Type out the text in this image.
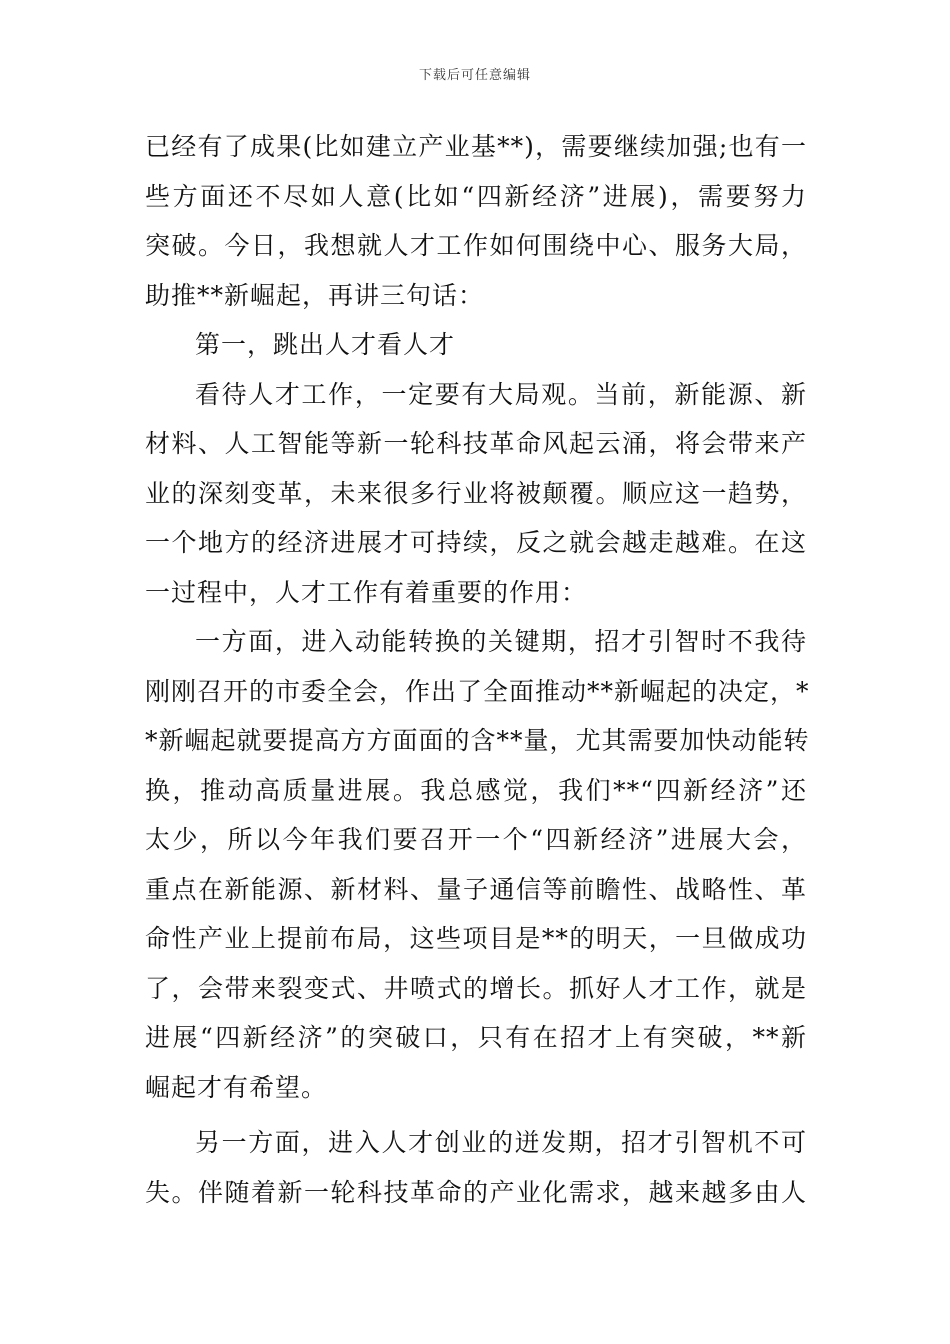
下载后可任意编辑
已经有了成果(比如建立产业基**)，需要继续加强;也有一
些方面还不尽如人意(比如“四新经济”进展)，需要努力
突破。今日，我想就人才工作如何围绕中心、服务大局，
助推**新崛起，再讲三句话：
第一，跳出人才看人才
看待人才工作，一定要有大局观。当前，新能源、新
材料、人工智能等新一轮科技革命风起云涌，将会带来产
业的深刻变革，未来很多行业将被颠覆。顺应这一趋势，
一个地方的经济进展才可持续，反之就会越走越难。在这
一过程中，人才工作有着重要的作用：
一方面，进入动能转换的关键期，招才引智时不我待
刚刚召开的市委全会，作出了全面推动**新崛起的决定，*
*新崛起就要提高方方面面的含**量，尤其需要加快动能转
换，推动高质量进展。我总感觉，我们**“四新经济”还
太少，所以今年我们要召开一个“四新经济”进展大会，
重点在新能源、新材料、量子通信等前瞻性、战略性、革
命性产业上提前布局，这些项目是**的明天，一旦做成功
了，会带来裂变式、井喷式的增长。抓好人才工作，就是
进展“四新经济”的突破口，只有在招才上有突破，**新
崛起才有希望。
另一方面，进入人才创业的迸发期，招才引智机不可
失。伴随着新一轮科技革命的产业化需求，越来越多由人
